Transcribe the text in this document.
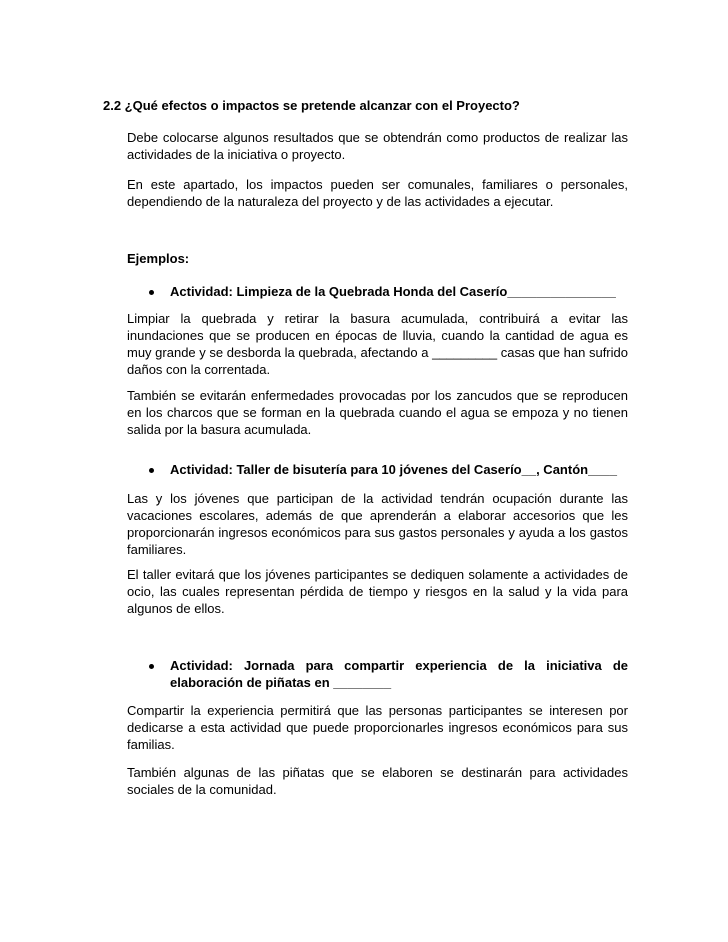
2.2 ¿Qué efectos o impactos se pretende alcanzar con el Proyecto?
Debe colocarse algunos resultados que se obtendrán como productos de realizar las actividades de la iniciativa o proyecto.
En este apartado, los impactos pueden ser comunales, familiares o personales, dependiendo de la naturaleza del proyecto y de las actividades a ejecutar.
Ejemplos:
Actividad: Limpieza de la Quebrada Honda del Caserío_______________
Limpiar la quebrada y retirar la basura acumulada, contribuirá a evitar las inundaciones que se producen en épocas de lluvia, cuando la cantidad de agua es muy grande y se desborda la quebrada, afectando a _________ casas que han sufrido daños con la correntada.
También se evitarán enfermedades provocadas por los zancudos que se reproducen en los charcos que se forman en la quebrada cuando el agua se empoza y no tienen salida por la basura acumulada.
Actividad: Taller de bisutería para 10 jóvenes del Caserío__, Cantón____
Las y los jóvenes que participan de la actividad tendrán ocupación durante las vacaciones escolares, además de que aprenderán a elaborar accesorios que les proporcionarán ingresos económicos para sus gastos personales y ayuda a los gastos familiares.
El taller evitará que los jóvenes participantes se dediquen solamente a actividades de ocio, las cuales representan pérdida de tiempo y riesgos en la salud y la vida para algunos de ellos.
Actividad: Jornada para compartir experiencia de la iniciativa de elaboración de piñatas en ________
Compartir la experiencia permitirá que las personas participantes se interesen por dedicarse a esta actividad que puede proporcionarles ingresos económicos para sus familias.
También algunas de las piñatas que se elaboren se destinarán para actividades sociales de la comunidad.
